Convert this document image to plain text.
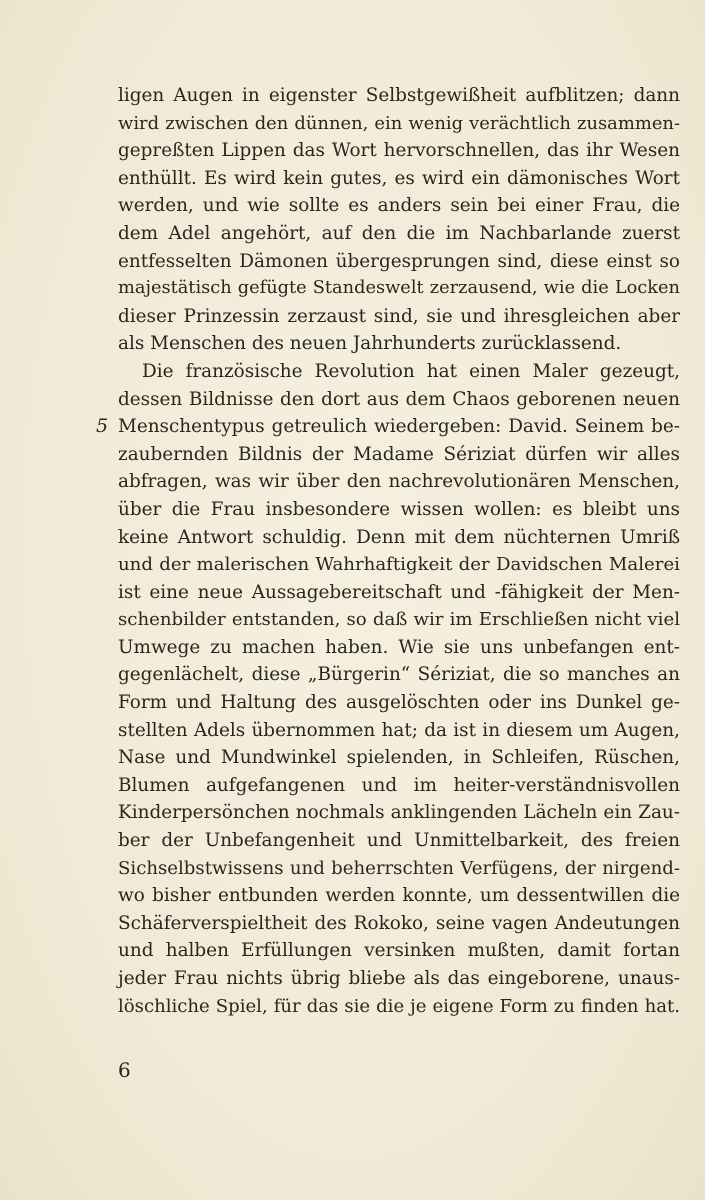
ligen Augen in eigenster Selbstgewißheit aufblitzen; dann
wird zwischen den dünnen, ein wenig verächtlich zusammen-
gepreßten Lippen das Wort hervorschnellen, das ihr Wesen
enthüllt. Es wird kein gutes, es wird ein dämonisches Wort
werden, und wie sollte es anders sein bei einer Frau, die
dem Adel angehört, auf den die im Nachbarlande zuerst
entfesselten Dämonen übergesprungen sind, diese einst so
majestätisch gefügte Standeswelt zerzausend, wie die Locken
dieser Prinzessin zerzaust sind, sie und ihresgleichen aber
als Menschen des neuen Jahrhunderts zurücklassend.
Die französische Revolution hat einen Maler gezeugt,
dessen Bildnisse den dort aus dem Chaos geborenen neuen
Menschentypus getreulich wiedergeben: David. Seinem be-
zaubernden Bildnis der Madame Sériziat dürfen wir alles
abfragen, was wir über den nachrevolutionären Menschen,
über die Frau insbesondere wissen wollen: es bleibt uns
keine Antwort schuldig. Denn mit dem nüchternen Umriß
und der malerischen Wahrhaftigkeit der Davidschen Malerei
ist eine neue Aussagebereitschaft und -fähigkeit der Men-
schenbilder entstanden, so daß wir im Erschließen nicht viel
Umwege zu machen haben. Wie sie uns unbefangen ent-
gegenlächelt, diese „Bürgerin“ Sériziat, die so manches an
Form und Haltung des ausgelöschten oder ins Dunkel ge-
stellten Adels übernommen hat; da ist in diesem um Augen,
Nase und Mundwinkel spielenden, in Schleifen, Rüschen,
Blumen aufgefangenen und im heiter-verständnisvollen
Kinderpersönchen nochmals anklingenden Lächeln ein Zau-
ber der Unbefangenheit und Unmittelbarkeit, des freien
Sichselbstwissens und beherrschten Verfügens, der nirgend-
wo bisher entbunden werden konnte, um dessentwillen die
Schäferverspieltheit des Rokoko, seine vagen Andeutungen
und halben Erfüllungen versinken mußten, damit fortan
jeder Frau nichts übrig bliebe als das eingeborene, unaus-
löschliche Spiel, für das sie die je eigene Form zu finden hat.
5
6
